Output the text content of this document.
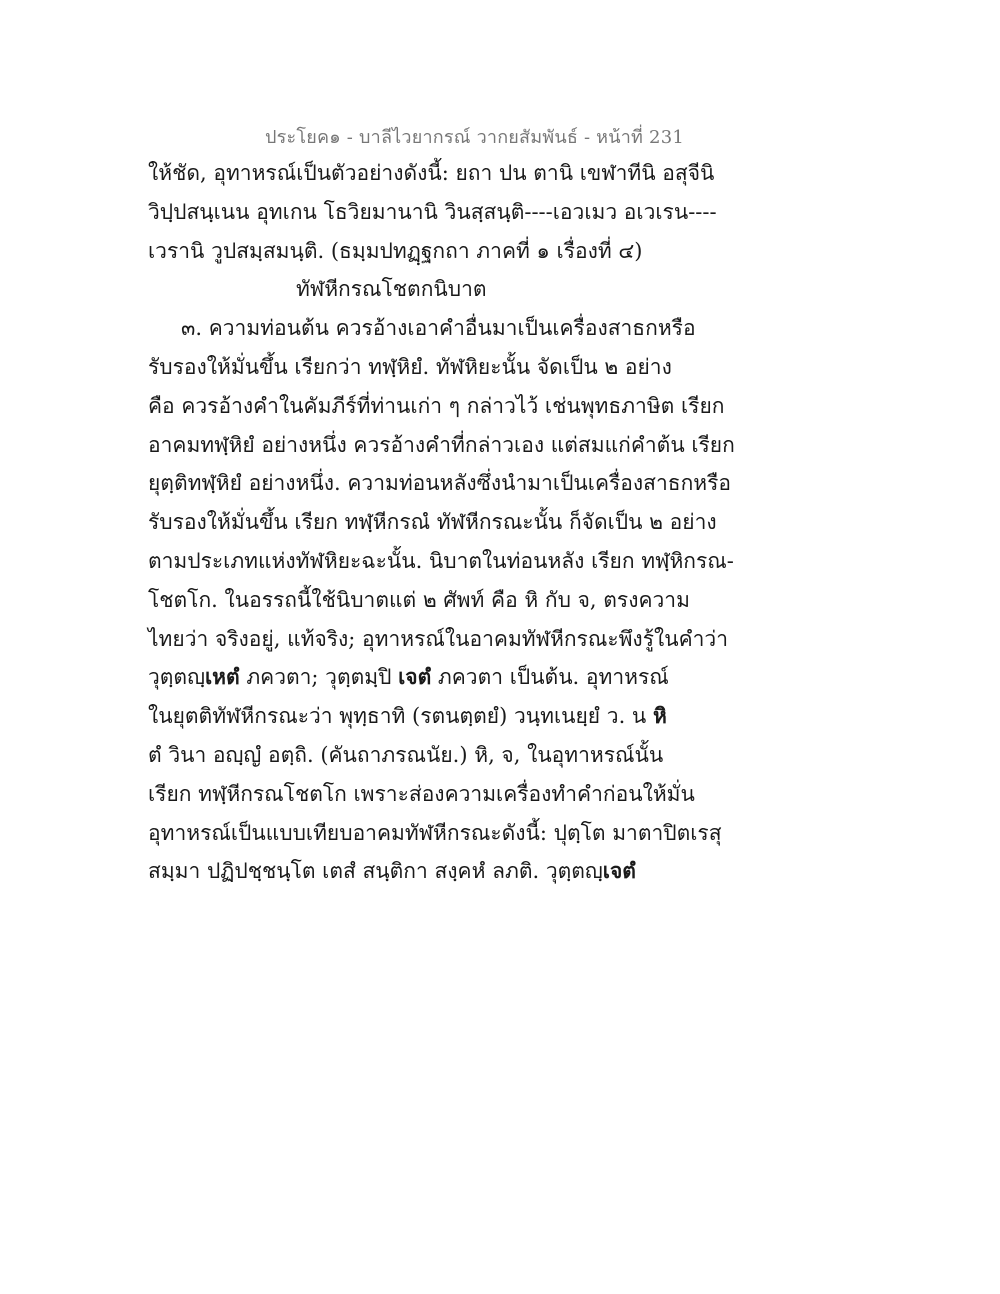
ประโยค๑ - บาลีไวยากรณ์ วากยสัมพันธ์ - หน้าที่ 231
ให้ชัด, อุทาหรณ์เป็นตัวอย่างดังนี้: ยถา ปน ตานิ เขฬาทีนิ อสุจีนิ
วิปฺปสนฺเนน อุทเกน โธวิยมานานิ วินสฺสนฺติ----เอวเมว อเวเรน----
เวรานิ วูปสมฺสมนฺติ. (ธมฺมปทฏฺฐกถา ภาคที่ ๑ เรื่องที่ ๔)
ทัฬหีกรณโชตกนิบาต
๓. ความท่อนต้น ควรอ้างเอาคำอื่นมาเป็นเครื่องสาธกหรือ
รับรองให้มั่นขึ้น เรียกว่า ทฬฺหิยํ. ทัฬหิยะนั้น จัดเป็น ๒ อย่าง
คือ ควรอ้างคำในคัมภีร์ที่ท่านเก่า ๆ กล่าวไว้ เช่นพุทธภาษิต เรียก
อาคมทฬฺหิยํ อย่างหนึ่ง ควรอ้างคำที่กล่าวเอง แต่สมแก่คำต้น เรียก
ยุตฺติทฬฺหิยํ อย่างหนึ่ง. ความท่อนหลังซึ่งนำมาเป็นเครื่องสาธกหรือ
รับรองให้มั่นขึ้น เรียก ทฬฺหีกรณํ ทัฬหีกรณะนั้น ก็จัดเป็น ๒ อย่าง
ตามประเภทแห่งทัฬหิยะฉะนั้น. นิบาตในท่อนหลัง เรียก ทฬฺหิกรณ-
โชตโก. ในอรรถนี้ใช้นิบาตแต่ ๒ ศัพท์ คือ หิ กับ จ, ตรงความ
ไทยว่า จริงอยู่, แท้จริง; อุทาหรณ์ในอาคมทัฬหีกรณะพึงรู้ในคำว่า
วุตฺตญฺเหตํ ภควตา; วุตฺตมฺปิ เจตํ ภควตา เป็นต้น. อุทาหรณ์
ในยุตติทัฬหีกรณะว่า พุทฺธาทิ (รตนตฺตยํ) วนฺทเนยฺยํ ว. น หิ
ตํ วินา อญฺญํ อตฺถิ. (คันถาภรณนัย.) หิ, จ, ในอุทาหรณ์นั้น
เรียก ทฬฺหีกรณโชตโก เพราะส่องความเครื่องทำคำก่อนให้มั่น
อุทาหรณ์เป็นแบบเทียบอาคมทัฬหีกรณะดังนี้: ปุตฺโต มาตาปิตเรสุ
สมฺมา ปฏิปชฺชนฺโต เตสํ สนฺติกา สงฺคหํ ลภติ. วุตฺตญฺเจตํ
